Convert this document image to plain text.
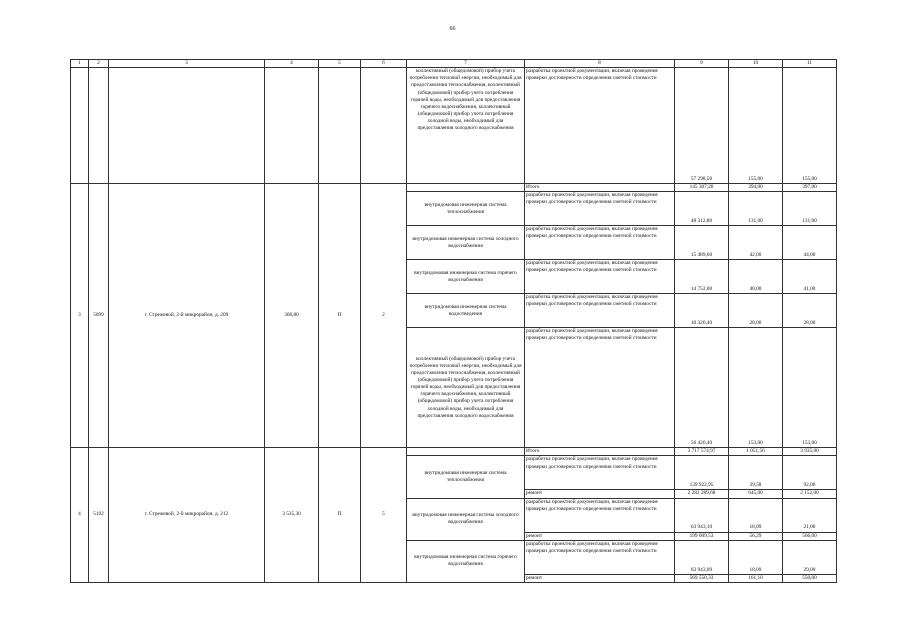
66
1	2	3	4	5	6	7	8	9	10	11
						коллективный (общедомовой) прибор учета потребления тепловой энергии, необходимый для предоставления теплоснабжения, коллективный (общедомовой) прибор учета потребления горячей воды, необходимый для предоставления горячего водоснабжения, коллективный (общедомовой) прибор учета потребления холодной воды, необходимый для предоставления холодного водоснабжения	разработка проектной документации, включая проведение проверки достоверности определения сметной стоимости	57 298,50	155,00	155,00
3	5099	г. Стрежевой, 2-й микрорайон, д. 209	368,80	П	2		Итого	145 307,20	394,00	397,00
						внутридомовая инженерная система теплоснабжения	разработка проектной документации, включая проведение проверки достоверности определения сметной стоимости	48 312,80	131,00	131,00
						внутридомовая инженерная система холодного водоснабжения	разработка проектной документации, включая проведение проверки достоверности определения сметной стоимости	15 489,60	42,00	44,00
						внутридомовая инженерная система горячего водоснабжения	разработка проектной документации, включая проведение проверки достоверности определения сметной стоимости	14 752,00	40,00	41,00
						внутридомовая инженерная система водоотведения	разработка проектной документации, включая проведение проверки достоверности определения сметной стоимости	10 326,40	28,00	28,00
						коллективный (общедомовой) прибор учета потребления тепловой энергии, необходимый для предоставления теплоснабжения, коллективный (общедомовой) прибор учета потребления горячей воды, необходимый для предоставления горячего водоснабжения, коллективный (общедомовой) прибор учета потребления холодной воды, необходимый для предоставления холодного водоснабжения	разработка проектной документации, включая проведение проверки достоверности определения сметной стоимости	56 426,40	153,00	153,00
4	5102	г. Стрежевой, 2-й микрорайон, д. 212	3 535,30	П	5		Итого	3 717 574,97	1 051,56	3 935,00
						внутридомовая инженерная система теплоснабжения	разработка проектной документации, включая проведение проверки достоверности определения сметной стоимости	139 922,95	39,58	92,00
							ремонт	2 282 289,68	645,00	2 152,00
						внутридомовая инженерная система холодного водоснабжения	разработка проектной документации, включая проведение проверки достоверности определения сметной стоимости	63 943,10	18,09	21,00
							ремонт	199 009,53	56,29	566,00
						внутридомовая инженерная система горячего водоснабжения	разработка проектной документации, включая проведение проверки достоверности определения сметной стоимости	63 943,09	18,09	29,00
							ремонт	569 550,33	161,10	550,00
